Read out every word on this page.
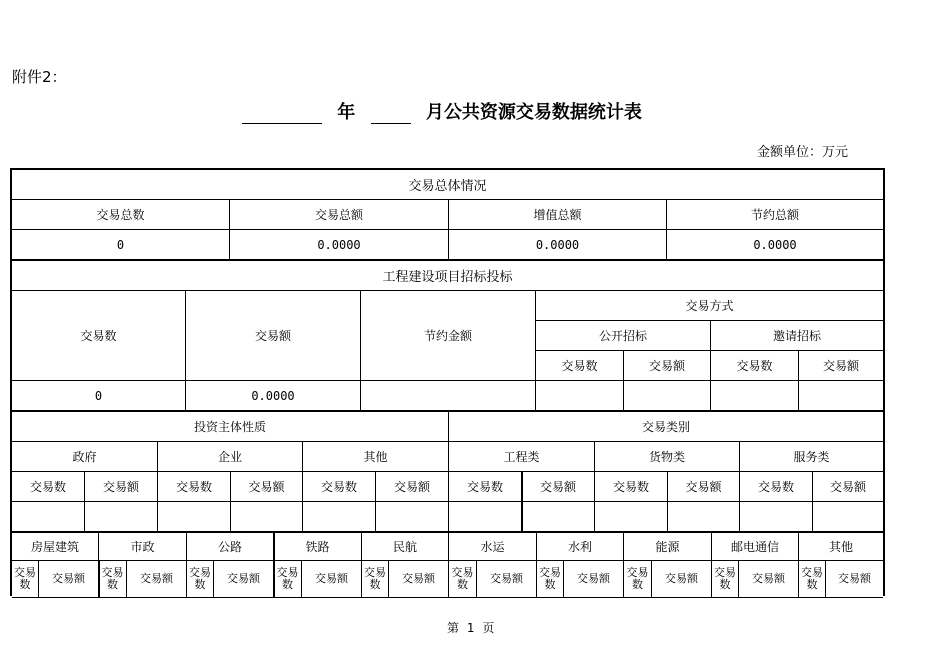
附件2：
年	月公共资源交易数据统计表
金额单位：万元
交易总体情况
交易总数	交易总额	增值总额	节约总额
0	0.0000	0.0000	0.0000
工程建设项目招标投标
交易数	交易额	节约金额
交易方式
公开招标	邀请招标
交易数	交易额	交易数	交易额
0	0.0000
投资主体性质	交易类别
政府	企业	其他	工程类	货物类	服务类
交易数	交易额	交易数	交易额	交易数	交易额	交易数	交易额	交易数	交易额	交易数	交易额
房屋建筑	市政	公路	铁路	民航	水运	水利	能源	邮电通信	其他
交易数	交易额	交易数	交易额	交易数	交易额	交易数	交易额	交易数	交易额	交易数	交易额	交易数	交易额	交易数	交易额	交易数	交易额	交易数	交易额
第 1 页
